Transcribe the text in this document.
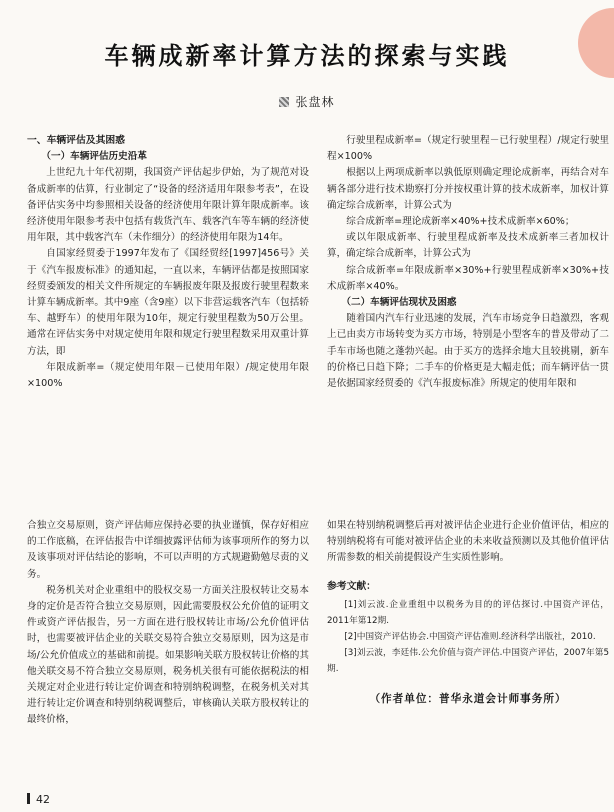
车辆成新率计算方法的探索与实践
张盘林
一、车辆评估及其困惑
（一）车辆评估历史沿革

上世纪九十年代初期，我国资产评估起步伊始，为了规范对设备成新率的估算，行业制定了“设备的经济适用年限参考表”，在设备评估实务中均参照相关设备的经济使用年限计算年限成新率。该经济使用年限参考表中包括有载货汽车、载客汽车等车辆的经济使用年限，其中载客汽车（未作细分）的经济使用年限为14年。

自国家经贸委于1997年发布了《国经贸经[1997]456号》关于《汽车报废标准》的通知起，一直以来，车辆评估都是按照国家经贸委颁发的相关文件所规定的车辆报废年限及报废行驶里程数来计算车辆成新率。其中9座（含9座）以下非营运载客汽车（包括轿车、越野车）的使用年限为10年，规定行驶里程数为50万公里。通常在评估实务中对规定使用年限和规定行驶里程数采用双重计算方法，即

年限成新率=（规定使用年限－已使用年限）/规定使用年限×100%

行驶里程成新率=（规定行驶里程－已行驶里程）/规定行驶里程×100%

根据以上两项成新率以孰低原则确定理论成新率，再结合对车辆各部分进行技术勘察打分并按权重计算的技术成新率，加权计算确定综合成新率，计算公式为

综合成新率=理论成新率×40%+技术成新率×60%；

或以年限成新率、行驶里程成新率及技术成新率三者加权计算，确定综合成新率，计算公式为

综合成新率=年限成新率×30%+行驶里程成新率×30%+技术成新率×40%。

（二）车辆评估现状及困惑

随着国内汽车行业迅速的发展，汽车市场竞争日趋激烈，客观上已由卖方市场转变为买方市场，特别是小型客车的普及带动了二手车市场也随之蓬勃兴起。由于买方的选择余地大且较挑剔，新车的价格已日趋下降；二手车的价格更是大幅走低；而车辆评估一贯是依据国家经贸委的《汽车报废标准》所规定的使用年限和

合独立交易原则，资产评估师应保持必要的执业谨慎，保存好相应的工作底稿，在评估报告中详细披露评估师为该事项所作的努力以及该事项对评估结论的影响，不可以声明的方式规避勤勉尽责的义务。

税务机关对企业重组中的股权交易一方面关注股权转让交易本身的定价是否符合独立交易原则，因此需要股权公允价值的证明文件或资产评估报告，另一方面在进行股权转让市场/公允价值评估时，也需要被评估企业的关联交易符合独立交易原则，因为这是市场/公允价值成立的基础和前提。如果影响关联方股权转让价格的其他关联交易不符合独立交易原则，税务机关很有可能依据税法的相关规定对企业进行转让定价调查和特别纳税调整，在税务机关对其进行转让定价调查和特别纳税调整后，审核确认关联方股权转让的最终价格，

如果在特别纳税调整后再对被评估企业进行企业价值评估，相应的特别纳税将有可能对被评估企业的未来收益预测以及其他价值评估所需参数的相关前提假设产生实质性影响。

参考文献：

[1]刘云波.企业重组中以税务为目的的评估探讨.中国资产评估，2011年第12期.

[2]中国资产评估协会.中国资产评估准则.经济科学出版社，2010.

[3]刘云波，李廷伟.公允价值与资产评估.中国资产评估，2007年第5期.

（作者单位：普华永道会计师事务所）
42
